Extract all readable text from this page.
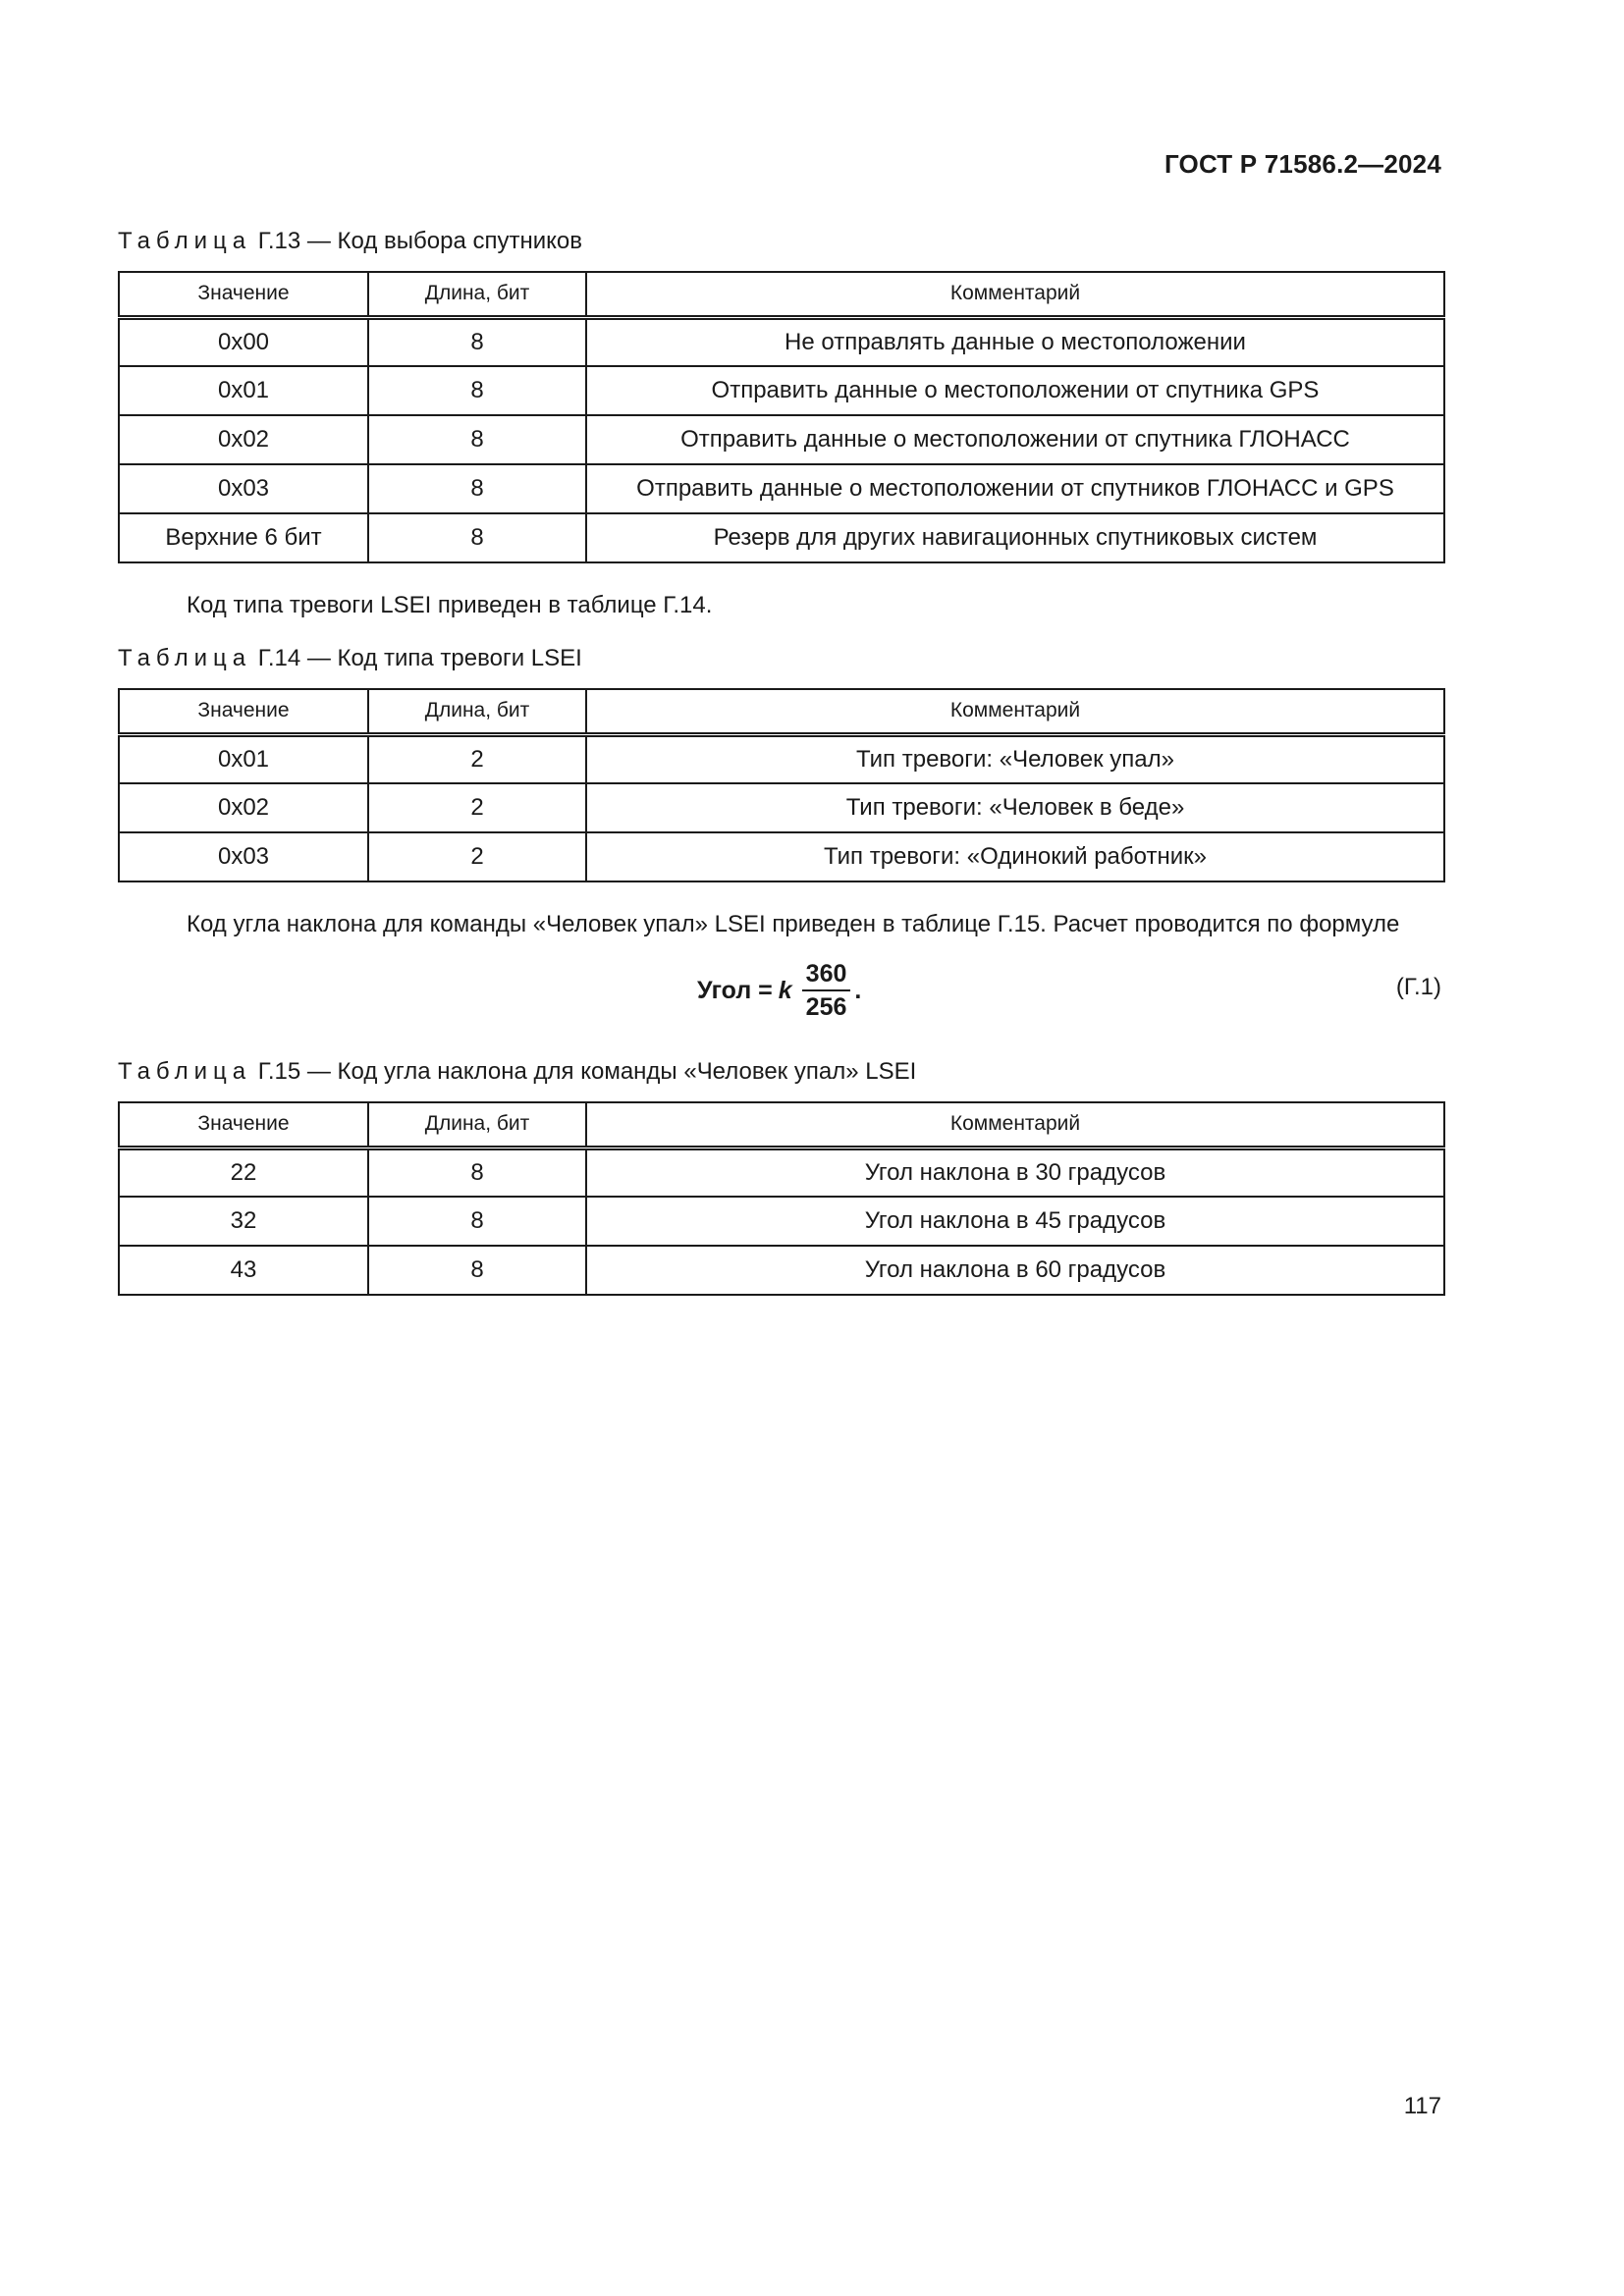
ГОСТ Р 71586.2—2024
Таблица Г.13 — Код выбора спутников
Значение	Длина, бит	Комментарий
0x00	8	Не отправлять данные о местоположении
0x01	8	Отправить данные о местоположении от спутника GPS
0x02	8	Отправить данные о местоположении от спутника ГЛОНАСС
0x03	8	Отправить данные о местоположении от спутников ГЛОНАСС и GPS
Верхние 6 бит	8	Резерв для других навигационных спутниковых систем
Код типа тревоги LSEI приведен в таблице Г.14.
Таблица Г.14 — Код типа тревоги LSEI
Значение	Длина, бит	Комментарий
0x01	2	Тип тревоги: «Человек упал»
0x02	2	Тип тревоги: «Человек в беде»
0x03	2	Тип тревоги: «Одинокий работник»
Код угла наклона для команды «Человек упал» LSEI приведен в таблице Г.15. Расчет проводится по формуле
Угол = k $\frac{360}{256}$ .	(Г.1)
Таблица Г.15 — Код угла наклона для команды «Человек упал» LSEI
Значение	Длина, бит	Комментарий
22	8	Угол наклона в 30 градусов
32	8	Угол наклона в 45 градусов
43	8	Угол наклона в 60 градусов
117
